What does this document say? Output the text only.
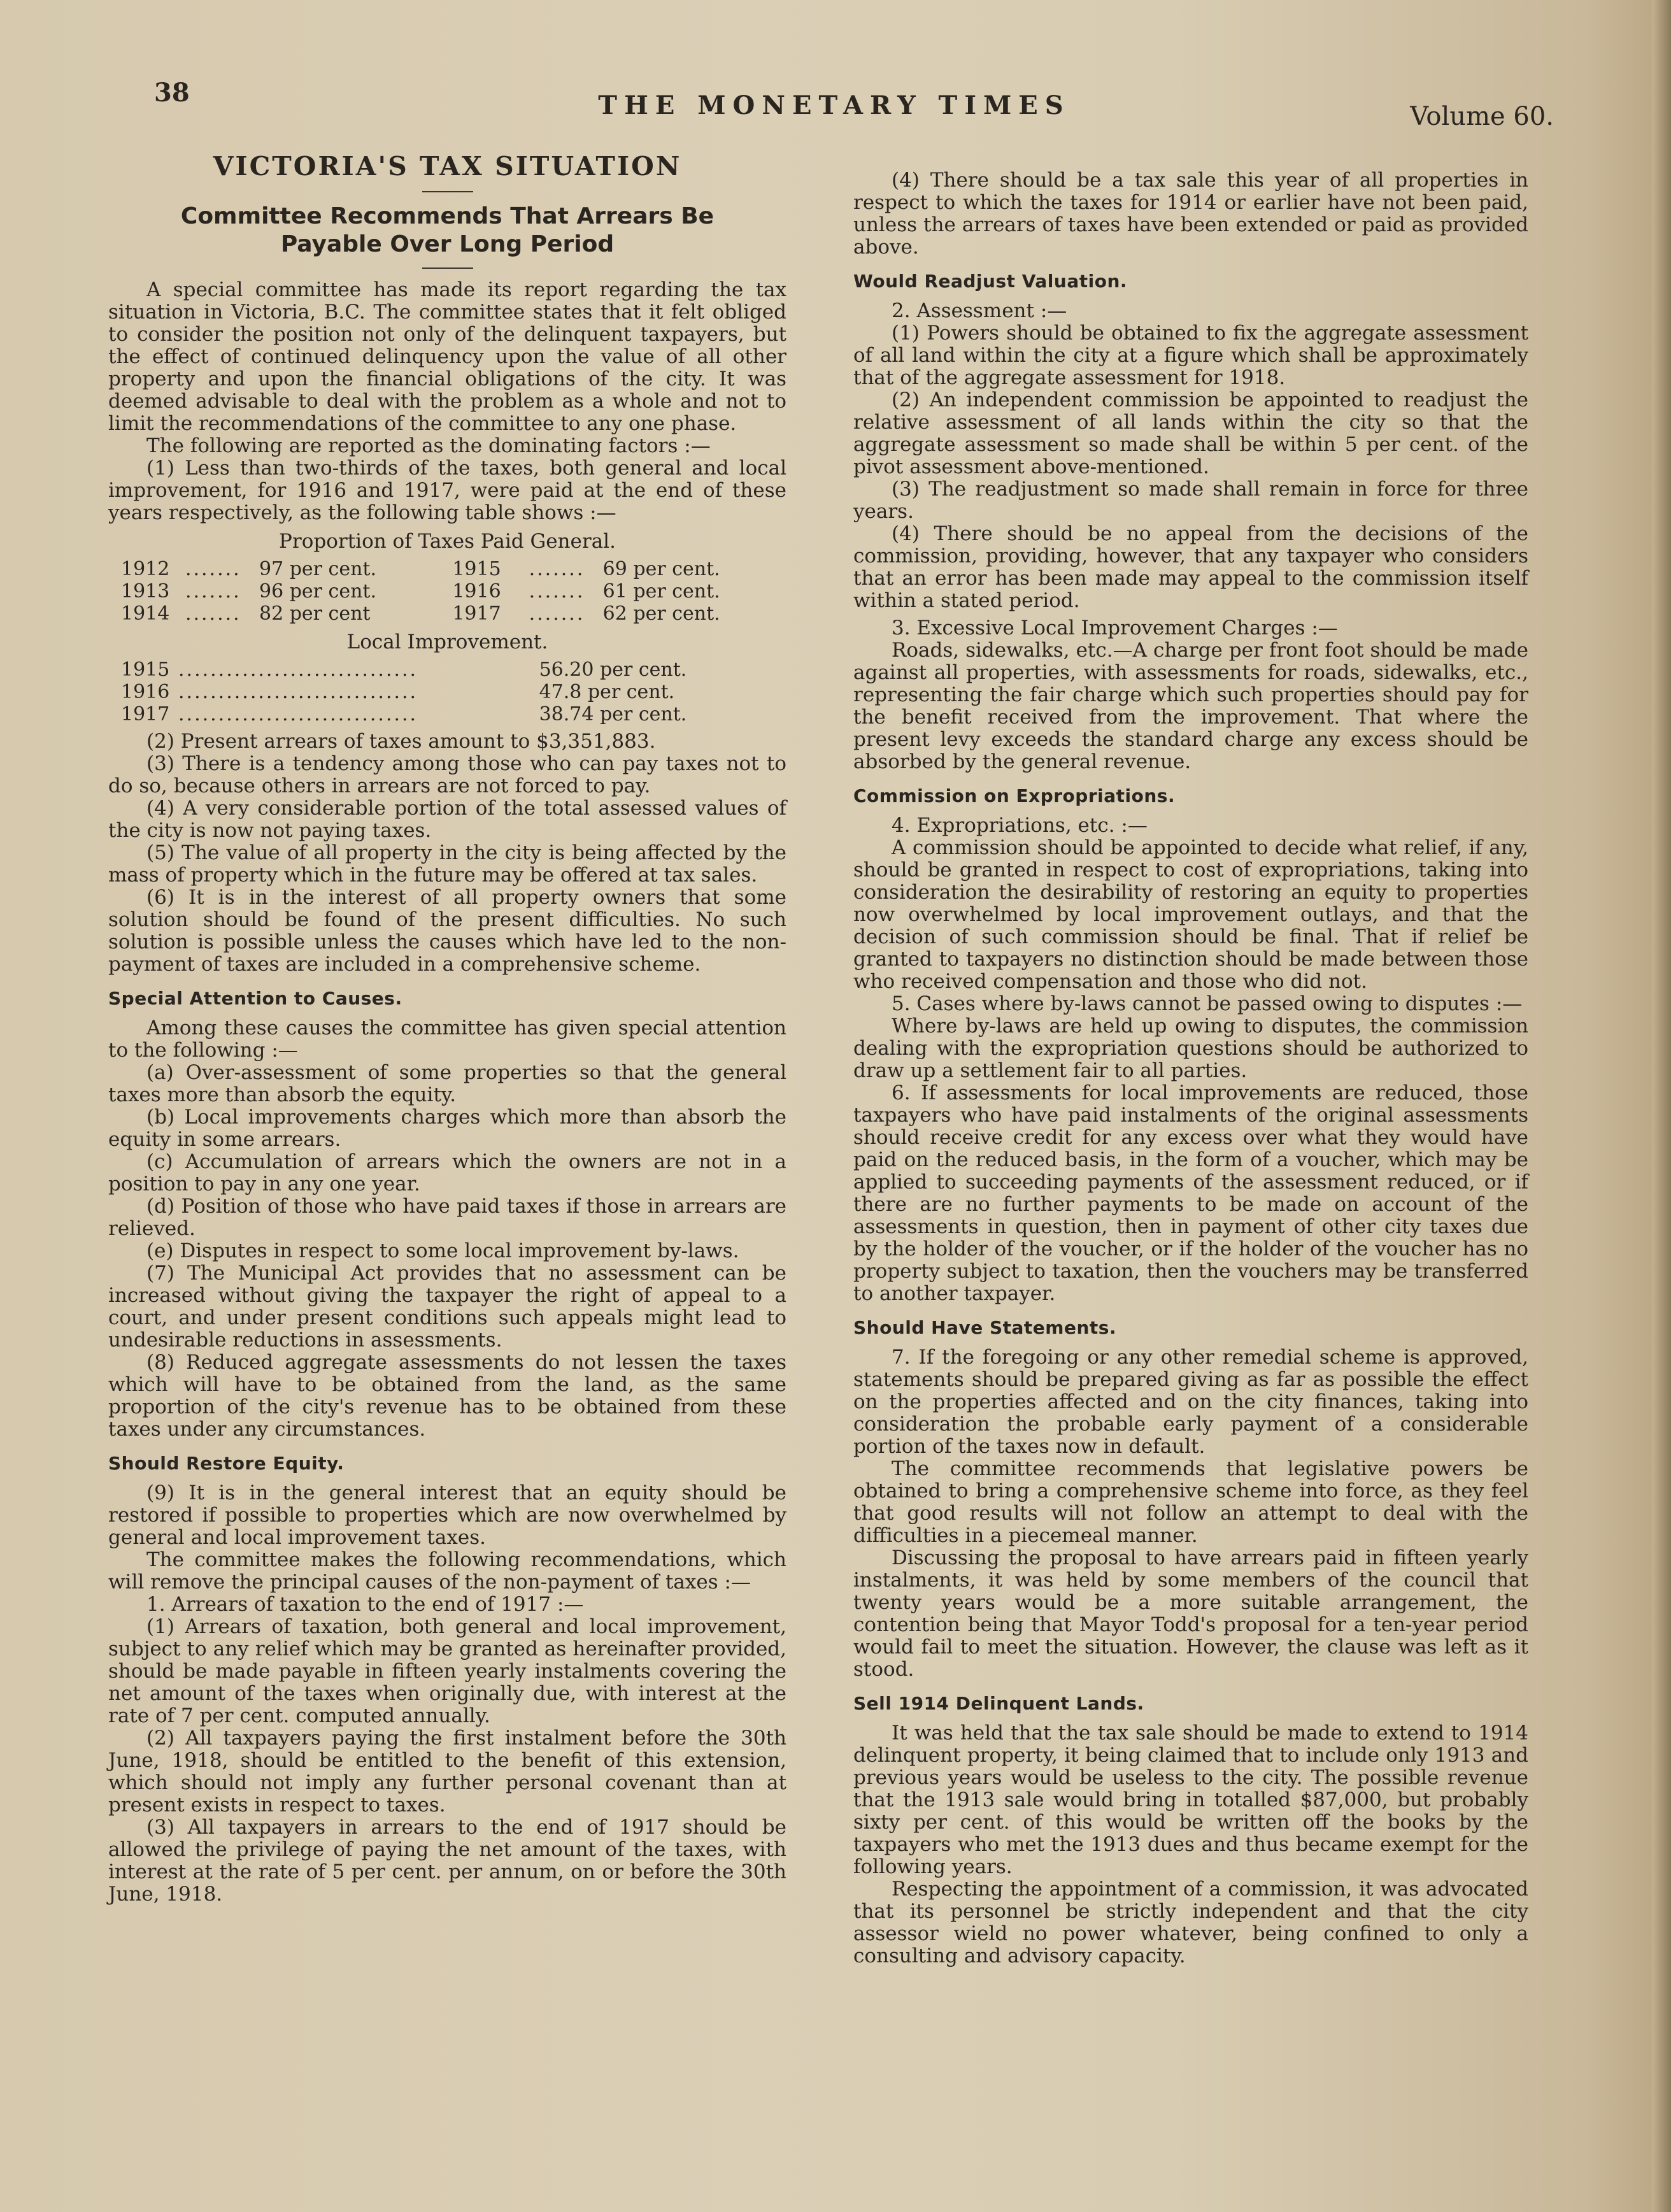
38	THE MONETARY TIMES	Volume 60.
VICTORIA'S TAX SITUATION
Committee Recommends That Arrears Be Payable Over Long Period

A special committee has made its report regarding the tax situation in Victoria, B.C. The committee states that it felt obliged to consider the position not only of the delinquent taxpayers, but the effect of continued delinquency upon the value of all other property and upon the financial obligations of the city. It was deemed advisable to deal with the problem as a whole and not to limit the recommendations of the committee to any one phase.

The following are reported as the dominating factors :—

(1) Less than two-thirds of the taxes, both general and local improvement, for 1916 and 1917, were paid at the end of these years respectively, as the following table shows :—

Proportion of Taxes Paid General.

1912	.......	97 per cent.	1915	.......	69 per cent.
1913	.......	96 per cent.	1916	.......	61 per cent.
1914	.......	82 per cent	1917	.......	62 per cent.

Local Improvement.

1915	..............................	56.20 per cent.
1916	..............................	47.8 per cent.
1917	..............................	38.74 per cent.

(2) Present arrears of taxes amount to $3,351,883.

(3) There is a tendency among those who can pay taxes not to do so, because others in arrears are not forced to pay.

(4) A very considerable portion of the total assessed values of the city is now not paying taxes.

(5) The value of all property in the city is being affected by the mass of property which in the future may be offered at tax sales.

(6) It is in the interest of all property owners that some solution should be found of the present difficulties. No such solution is possible unless the causes which have led to the non-payment of taxes are included in a comprehensive scheme.

Special Attention to Causes.

Among these causes the committee has given special attention to the following :—

(a) Over-assessment of some properties so that the general taxes more than absorb the equity.

(b) Local improvements charges which more than absorb the equity in some arrears.

(c) Accumulation of arrears which the owners are not in a position to pay in any one year.

(d) Position of those who have paid taxes if those in arrears are relieved.

(e) Disputes in respect to some local improvement by-laws.

(7) The Municipal Act provides that no assessment can be increased without giving the taxpayer the right of appeal to a court, and under present conditions such appeals might lead to undesirable reductions in assessments.

(8) Reduced aggregate assessments do not lessen the taxes which will have to be obtained from the land, as the same proportion of the city's revenue has to be obtained from these taxes under any circumstances.

Should Restore Equity.

(9) It is in the general interest that an equity should be restored if possible to properties which are now overwhelmed by general and local improvement taxes.

The committee makes the following recommendations, which will remove the principal causes of the non-payment of taxes :—

1. Arrears of taxation to the end of 1917 :—

(1) Arrears of taxation, both general and local improvement, subject to any relief which may be granted as hereinafter provided, should be made payable in fifteen yearly instalments covering the net amount of the taxes when originally due, with interest at the rate of 7 per cent. computed annually.

(2) All taxpayers paying the first instalment before the 30th June, 1918, should be entitled to the benefit of this extension, which should not imply any further personal covenant than at present exists in respect to taxes.

(3) All taxpayers in arrears to the end of 1917 should be allowed the privilege of paying the net amount of the taxes, with interest at the rate of 5 per cent. per annum, on or before the 30th June, 1918.

(4) There should be a tax sale this year of all properties in respect to which the taxes for 1914 or earlier have not been paid, unless the arrears of taxes have been extended or paid as provided above.

Would Readjust Valuation.

2. Assessment :—

(1) Powers should be obtained to fix the aggregate assessment of all land within the city at a figure which shall be approximately that of the aggregate assessment for 1918.

(2) An independent commission be appointed to readjust the relative assessment of all lands within the city so that the aggregate assessment so made shall be within 5 per cent. of the pivot assessment above-mentioned.

(3) The readjustment so made shall remain in force for three years.

(4) There should be no appeal from the decisions of the commission, providing, however, that any taxpayer who considers that an error has been made may appeal to the commission itself within a stated period.

3. Excessive Local Improvement Charges :—

Roads, sidewalks, etc.—A charge per front foot should be made against all properties, with assessments for roads, sidewalks, etc., representing the fair charge which such properties should pay for the benefit received from the improvement. That where the present levy exceeds the standard charge any excess should be absorbed by the general revenue.

Commission on Expropriations.

4. Expropriations, etc. :—

A commission should be appointed to decide what relief, if any, should be granted in respect to cost of expropriations, taking into consideration the desirability of restoring an equity to properties now overwhelmed by local improvement outlays, and that the decision of such commission should be final. That if relief be granted to taxpayers no distinction should be made between those who received compensation and those who did not.

5. Cases where by-laws cannot be passed owing to disputes :—

Where by-laws are held up owing to disputes, the commission dealing with the expropriation questions should be authorized to draw up a settlement fair to all parties.

6. If assessments for local improvements are reduced, those taxpayers who have paid instalments of the original assessments should receive credit for any excess over what they would have paid on the reduced basis, in the form of a voucher, which may be applied to succeeding payments of the assessment reduced, or if there are no further payments to be made on account of the assessments in question, then in payment of other city taxes due by the holder of the voucher, or if the holder of the voucher has no property subject to taxation, then the vouchers may be transferred to another taxpayer.

Should Have Statements.

7. If the foregoing or any other remedial scheme is approved, statements should be prepared giving as far as possible the effect on the properties affected and on the city finances, taking into consideration the probable early payment of a considerable portion of the taxes now in default.

The committee recommends that legislative powers be obtained to bring a comprehensive scheme into force, as they feel that good results will not follow an attempt to deal with the difficulties in a piecemeal manner.

Discussing the proposal to have arrears paid in fifteen yearly instalments, it was held by some members of the council that twenty years would be a more suitable arrangement, the contention being that Mayor Todd's proposal for a ten-year period would fail to meet the situation. However, the clause was left as it stood.

Sell 1914 Delinquent Lands.

It was held that the tax sale should be made to extend to 1914 delinquent property, it being claimed that to include only 1913 and previous years would be useless to the city. The possible revenue that the 1913 sale would bring in totalled $87,000, but probably sixty per cent. of this would be written off the books by the taxpayers who met the 1913 dues and thus became exempt for the following years.

Respecting the appointment of a commission, it was advocated that its personnel be strictly independent and that the city assessor wield no power whatever, being confined to only a consulting and advisory capacity.
